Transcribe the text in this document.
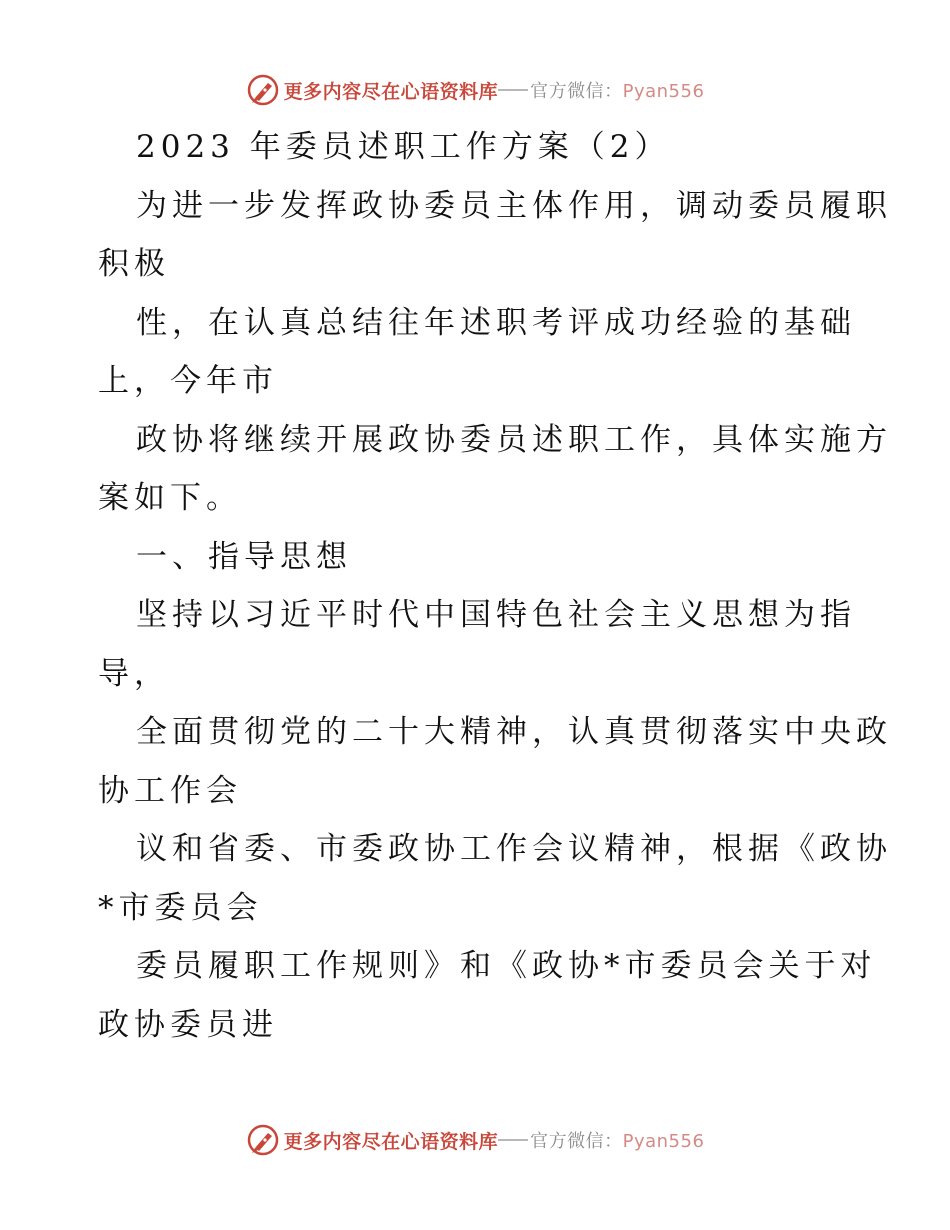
更多内容尽在心语资料库 官方微信：Pyan556
2023 年委员述职工作方案（2）
为进一步发挥政协委员主体作用，调动委员履职
积极
性，在认真总结往年述职考评成功经验的基础
上，今年市
政协将继续开展政协委员述职工作，具体实施方
案如下。
一、指导思想
坚持以习近平时代中国特色社会主义思想为指
导，
全面贯彻党的二十大精神，认真贯彻落实中央政
协工作会
议和省委、市委政协工作会议精神，根据《政协
*市委员会
委员履职工作规则》和《政协*市委员会关于对
政协委员进
更多内容尽在心语资料库 官方微信：Pyan556
